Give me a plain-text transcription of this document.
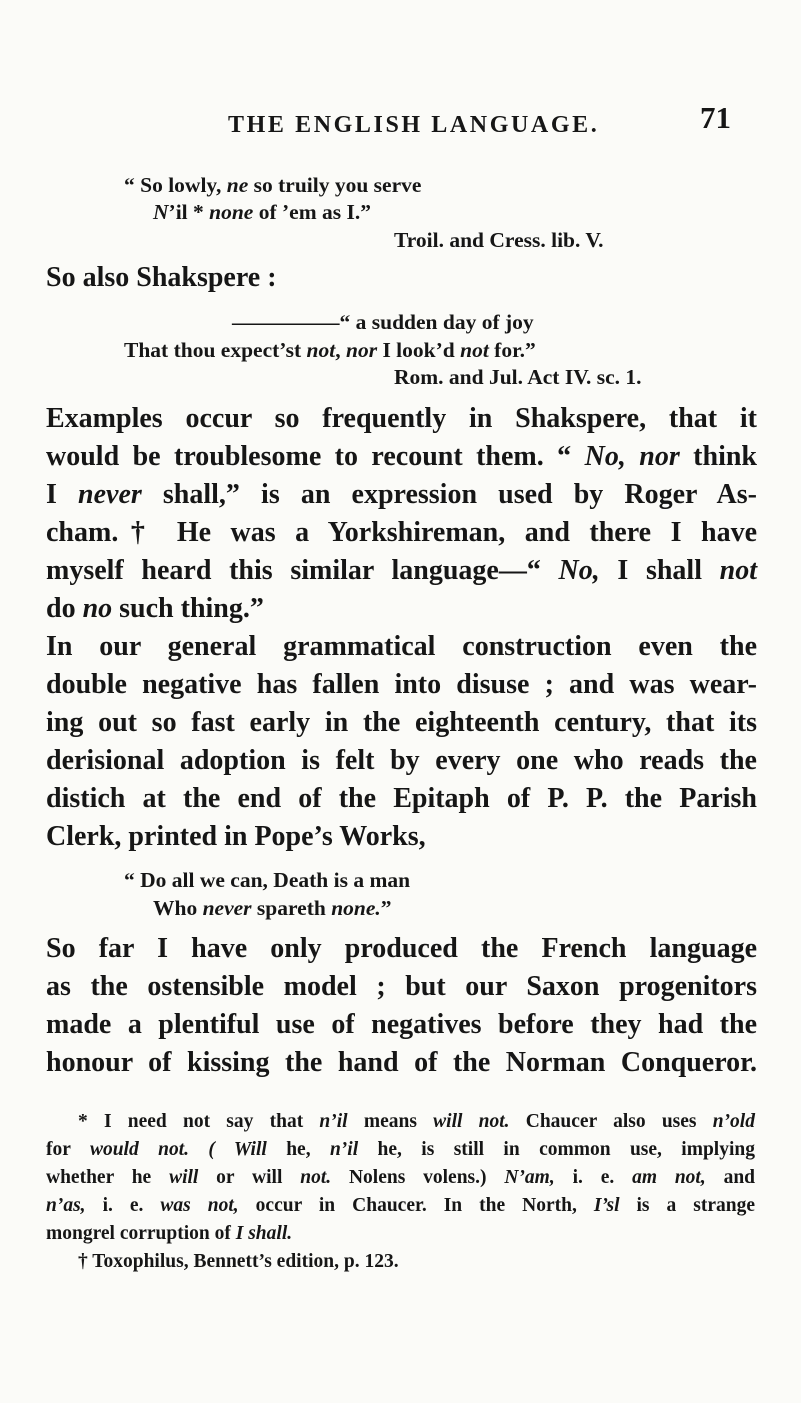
THE ENGLISH LANGUAGE.	71
“ So lowly, ne so truily you serve
N’il * none of ’em as I.”
Troil. and Cress. lib. V.
So also Shakspere :
—————“ a sudden day of joy
That thou expect’st not, nor I look’d not for.”
Rom. and Jul. Act IV. sc. 1.
Examples occur so frequently in Shakspere, that it
would be troublesome to recount them. “ No, nor think
I never shall,” is an expression used by Roger As-
cham.† He was a Yorkshireman, and there I have
myself heard this similar language—“ No, I shall not
do no such thing.”
In our general grammatical construction even the
double negative has fallen into disuse ; and was wear-
ing out so fast early in the eighteenth century, that its
derisional adoption is felt by every one who reads the
distich at the end of the Epitaph of P. P. the Parish
Clerk, printed in Pope’s Works,
“ Do all we can, Death is a man
Who never spareth none.”
So far I have only produced the French language
as the ostensible model ; but our Saxon progenitors
made a plentiful use of negatives before they had the
honour of kissing the hand of the Norman Conqueror.
* I need not say that n’il means will not. Chaucer also uses n’old
for would not. ( Will he, n’il he, is still in common use, implying
whether he will or will not. Nolens volens.) N’am, i. e. am not, and
n’as, i. e. was not, occur in Chaucer. In the North, I’sl is a strange
mongrel corruption of I shall.
† Toxophilus, Bennett’s edition, p. 123.
